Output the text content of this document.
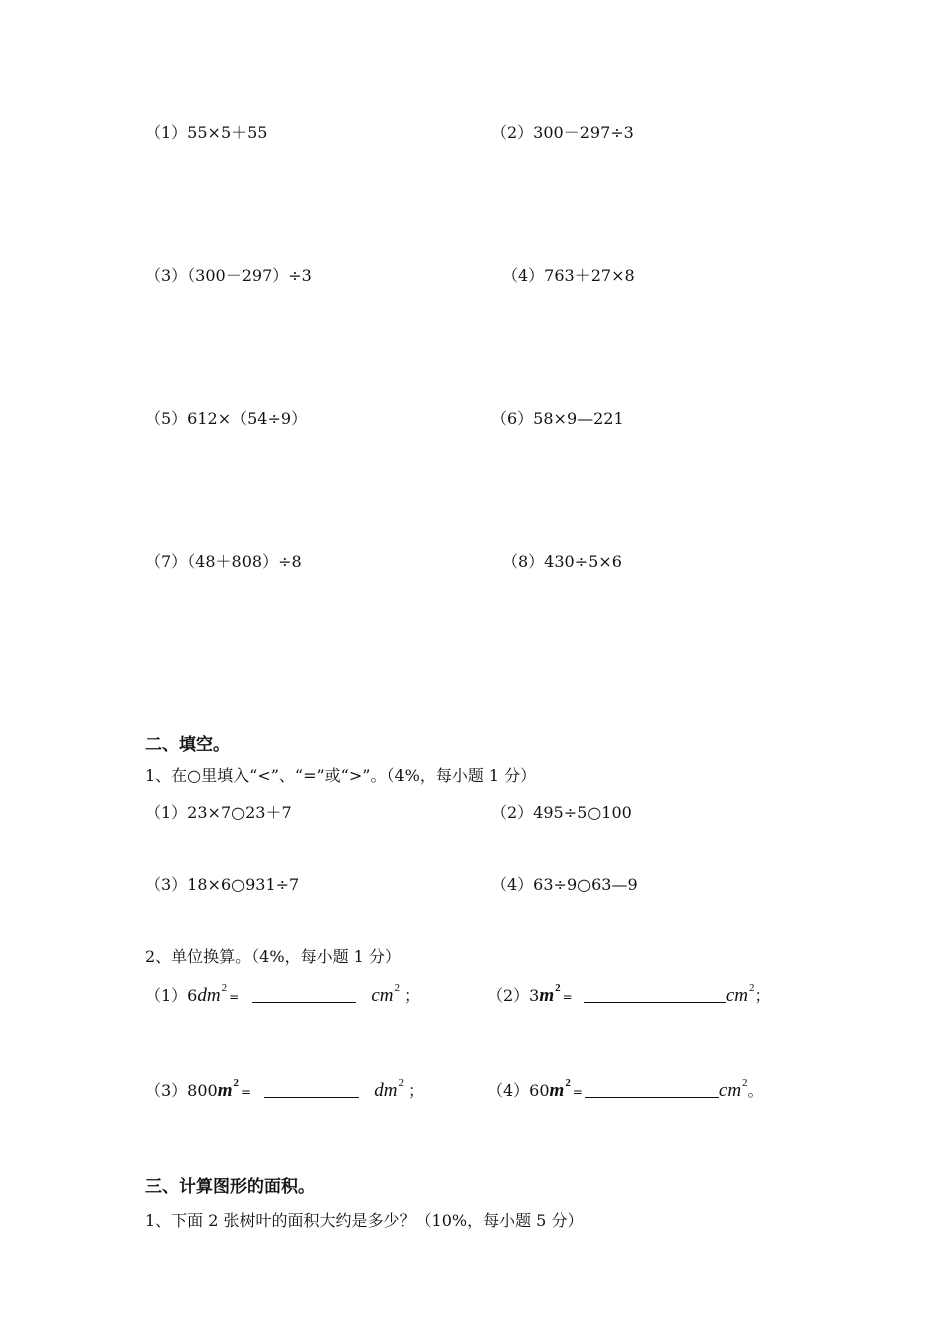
（1）55×5＋55	（2）300－297÷3
（3）（300－297）÷3	（4）763＋27×8
（5）612×（54÷9）	（6）58×9—221
（7）（48＋808）÷8	（8）430÷5×6
二、填空。
1、在○里填入“<”、“=”或“>”。（4%，每小题 1 分）
（1）23×7○23＋7	（2）495÷5○100
（3）18×6○931÷7	（4）63÷9○63—9
2、单位换算。（4%，每小题 1 分）
$(1)6dm^2=$	$cm^2$ ；	$(2)3m^2=$	$cm^2$；
$(3)800m^2=$	$dm^2$ ；	$(4)60m^2=$	$cm^2$。
三、计算图形的面积。
1、下面 2 张树叶的面积大约是多少？（10%，每小题 5 分）
